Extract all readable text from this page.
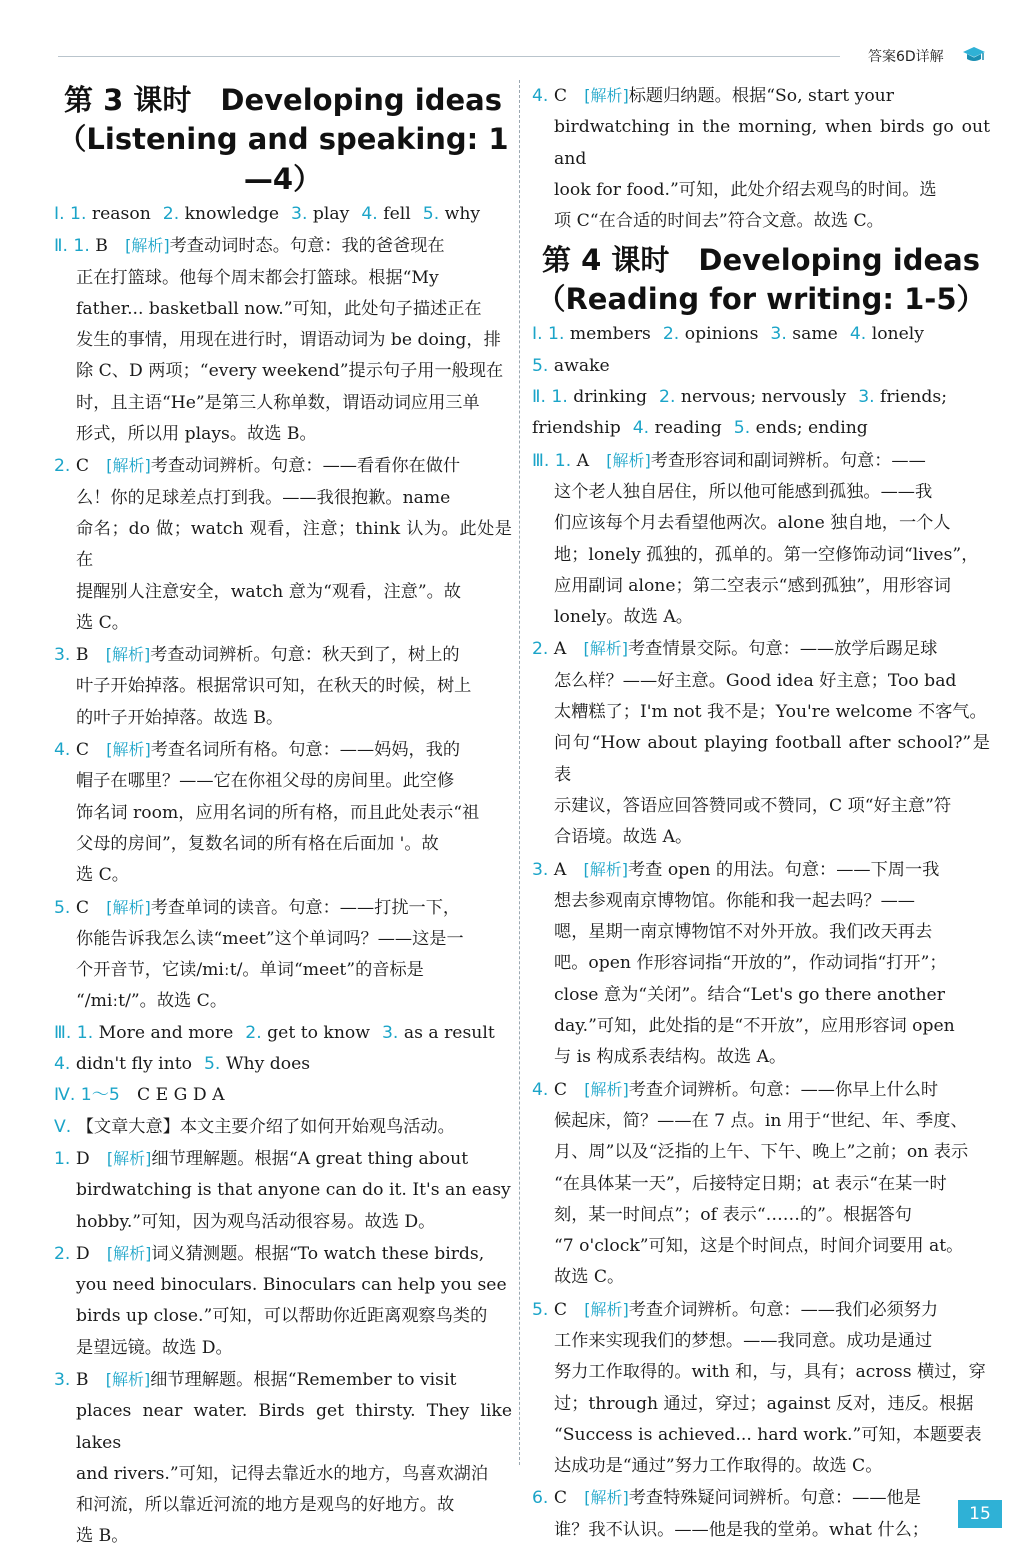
答案6D详解
第 3 课时　Developing ideas
（Listening and speaking: 1—4）

Ⅰ. 1. reason 2. knowledge 3. play 4. fell 5. why

Ⅱ. 1. B　[解析]考查动词时态。句意：我的爸爸现在

正在打篮球。他每个周末都会打篮球。根据“My

father... basketball now.”可知，此处句子描述正在

发生的事情，用现在进行时，谓语动词为 be doing，排

除 C、D 两项；“every weekend”提示句子用一般现在

时，且主语“He”是第三人称单数，谓语动词应用三单

形式，所以用 plays。故选 B。

2. C　[解析]考查动词辨析。句意：——看看你在做什

么！你的足球差点打到我。——我很抱歉。name

命名；do 做；watch 观看，注意；think 认为。此处是在

提醒别人注意安全，watch 意为“观看，注意”。故

选 C。

3. B　[解析]考查动词辨析。句意：秋天到了，树上的

叶子开始掉落。根据常识可知，在秋天的时候，树上

的叶子开始掉落。故选 B。

4. C　[解析]考查名词所有格。句意：——妈妈，我的

帽子在哪里？——它在你祖父母的房间里。此空修

饰名词 room，应用名词的所有格，而且此处表示“祖

父母的房间”，复数名词的所有格在后面加 '。故

选 C。

5. C　[解析]考查单词的读音。句意：——打扰一下，

你能告诉我怎么读“meet”这个单词吗？——这是一

个开音节，它读/miːt/。单词“meet”的音标是

“/miːt/”。故选 C。

Ⅲ. 1. More and more 2. get to know 3. as a result

4. didn't fly into 5. Why does

Ⅳ. 1～5　C E G D A

Ⅴ. 【文章大意】本文主要介绍了如何开始观鸟活动。

1. D　[解析]细节理解题。根据“A great thing about

birdwatching is that anyone can do it. It's an easy

hobby.”可知，因为观鸟活动很容易。故选 D。

2. D　[解析]词义猜测题。根据“To watch these birds,

you need binoculars. Binoculars can help you see

birds up close.”可知，可以帮助你近距离观察鸟类的

是望远镜。故选 D。

3. B　[解析]细节理解题。根据“Remember to visit

places near water. Birds get thirsty. They like lakes

and rivers.”可知，记得去靠近水的地方，鸟喜欢湖泊

和河流，所以靠近河流的地方是观鸟的好地方。故

选 B。

4. C　[解析]标题归纳题。根据“So, start your

birdwatching in the morning, when birds go out and

look for food.”可知，此处介绍去观鸟的时间。选

项 C“在合适的时间去”符合文意。故选 C。

第 4 课时　Developing ideas
（Reading for writing: 1-5）

Ⅰ. 1. members 2. opinions 3. same 4. lonely

5. awake

Ⅱ. 1. drinking 2. nervous; nervously 3. friends;

friendship 4. reading 5. ends; ending

Ⅲ. 1. A　[解析]考查形容词和副词辨析。句意：——

这个老人独自居住，所以他可能感到孤独。——我

们应该每个月去看望他两次。alone 独自地，一个人

地；lonely 孤独的，孤单的。第一空修饰动词“lives”，

应用副词 alone；第二空表示“感到孤独”，用形容词

lonely。故选 A。

2. A　[解析]考查情景交际。句意：——放学后踢足球

怎么样？——好主意。Good idea 好主意；Too bad

太糟糕了；I'm not 我不是；You're welcome 不客气。

问句“How about playing football after school?”是表

示建议，答语应回答赞同或不赞同，C 项“好主意”符

合语境。故选 A。

3. A　[解析]考查 open 的用法。句意：——下周一我

想去参观南京博物馆。你能和我一起去吗？——

嗯，星期一南京博物馆不对外开放。我们改天再去

吧。open 作形容词指“开放的”，作动词指“打开”；

close 意为“关闭”。结合“Let's go there another

day.”可知，此处指的是“不开放”，应用形容词 open

与 is 构成系表结构。故选 A。

4. C　[解析]考查介词辨析。句意：——你早上什么时

候起床，简？——在 7 点。in 用于“世纪、年、季度、

月、周”以及“泛指的上午、下午、晚上”之前；on 表示

“在具体某一天”，后接特定日期；at 表示“在某一时

刻，某一时间点”；of 表示“……的”。根据答句

“7 o'clock”可知，这是个时间点，时间介词要用 at。

故选 C。

5. C　[解析]考查介词辨析。句意：——我们必须努力

工作来实现我们的梦想。——我同意。成功是通过

努力工作取得的。with 和，与，具有；across 横过，穿

过；through 通过，穿过；against 反对，违反。根据

“Success is achieved... hard work.”可知，本题要表

达成功是“通过”努力工作取得的。故选 C。

6. C　[解析]考查特殊疑问词辨析。句意：——他是

谁？我不认识。——他是我的堂弟。what 什么；

15
